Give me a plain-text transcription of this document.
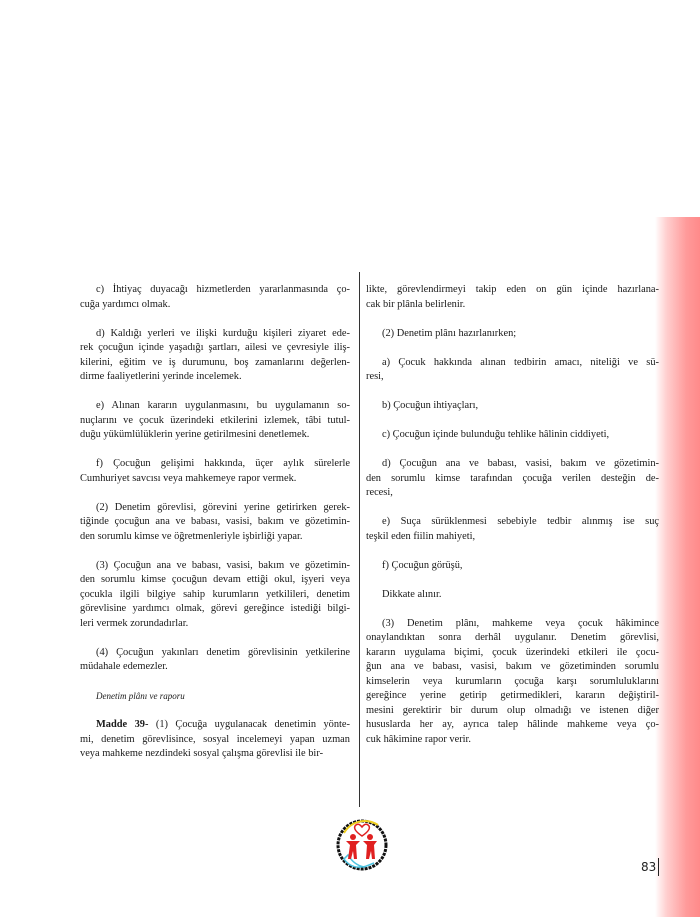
c) İhtiyaç duyacağı hizmetlerden yararlanmasında ço-
cuğa yardımcı olmak.
d) Kaldığı yerleri ve ilişki kurduğu kişileri ziyaret ede-
rek çocuğun içinde yaşadığı şartları, ailesi ve çevresiyle iliş-
kilerini, eğitim ve iş durumunu, boş zamanlarını değerlen-
dirme faaliyetlerini yerinde incelemek.
e) Alınan kararın uygulanmasını, bu uygulamanın so-
nuçlarını ve çocuk üzerindeki etkilerini izlemek, tâbi tutul-
duğu yükümlülüklerin yerine getirilmesini denetlemek.
f) Çocuğun gelişimi hakkında, üçer aylık sürelerle
Cumhuriyet savcısı veya mahkemeye rapor vermek.
(2) Denetim görevlisi, görevini yerine getirirken gerek-
tiğinde çocuğun ana ve babası, vasisi, bakım ve gözetimin-
den sorumlu kimse ve öğretmenleriyle işbirliği yapar.
(3) Çocuğun ana ve babası, vasisi, bakım ve gözetimin-
den sorumlu kimse çocuğun devam ettiği okul, işyeri veya
çocukla ilgili bilgiye sahip kurumların yetkilileri, denetim
görevlisine yardımcı olmak, görevi gereğince istediği bilgi-
leri vermek zorundadırlar.
(4) Çocuğun yakınları denetim görevlisinin yetkilerine
müdahale edemezler.
Denetim plânı ve raporu
Madde 39- (1) Çocuğa uygulanacak denetimin yönte-
mi, denetim görevlisince, sosyal incelemeyi yapan uzman
veya mahkeme nezdindeki sosyal çalışma görevlisi ile bir-
likte, görevlendirmeyi takip eden on gün içinde hazırlana-
cak bir plânla belirlenir.
(2) Denetim plânı hazırlanırken;
a) Çocuk hakkında alınan tedbirin amacı, niteliği ve sü-
resi,
b) Çocuğun ihtiyaçları,
c) Çocuğun içinde bulunduğu tehlike hâlinin ciddiyeti,
d) Çocuğun ana ve babası, vasisi, bakım ve gözetimin-
den sorumlu kimse tarafından çocuğa verilen desteğin de-
recesi,
e) Suça sürüklenmesi sebebiyle tedbir alınmış ise suç
teşkil eden fiilin mahiyeti,
f) Çocuğun görüşü,
Dikkate alınır.
(3) Denetim plânı, mahkeme veya çocuk hâkimince
onaylandıktan sonra derhâl uygulanır. Denetim görevlisi,
kararın uygulama biçimi, çocuk üzerindeki etkileri ile çocu-
ğun ana ve babası, vasisi, bakım ve gözetiminden sorumlu
kimselerin veya kurumların çocuğa karşı sorumluluklarını
gereğince yerine getirip getirmedikleri, kararın değiştiril-
mesini gerektirir bir durum olup olmadığı ve istenen diğer
hususlarda her ay, ayrıca talep hâlinde mahkeme veya ço-
cuk hâkimine rapor verir.
83
